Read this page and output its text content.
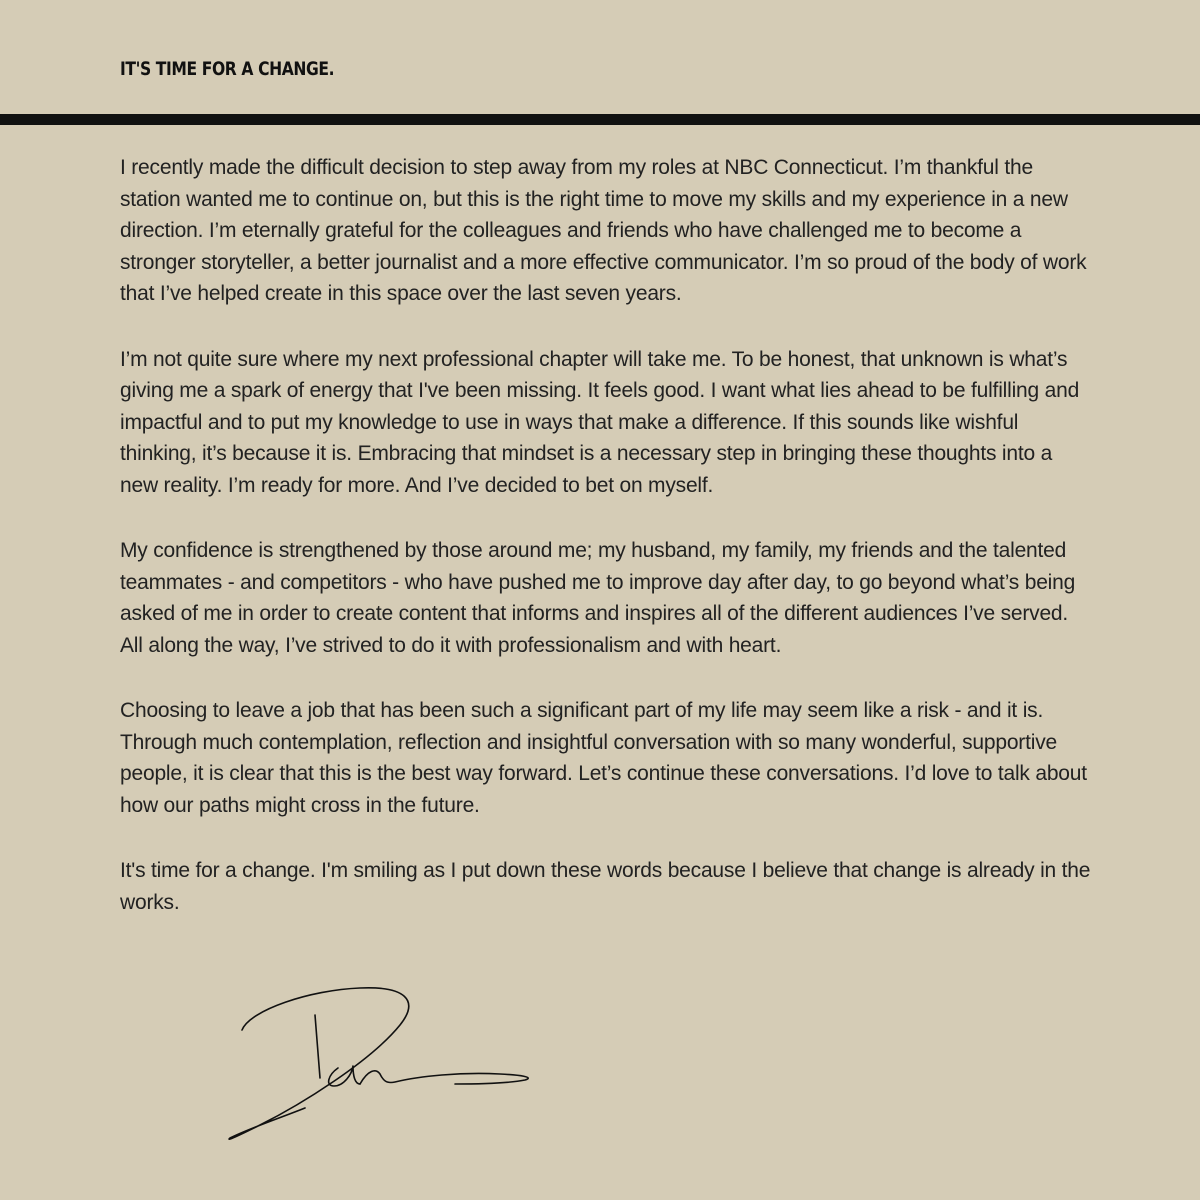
IT'S TIME FOR A CHANGE.

I recently made the difficult decision to step away from my roles at NBC Connecticut. I’m thankful the station wanted me to continue on, but this is the right time to move my skills and my experience in a new direction. I’m eternally grateful for the colleagues and friends who have challenged me to become a stronger storyteller, a better journalist and a more effective communicator. I’m so proud of the body of work that I’ve helped create in this space over the last seven years.

I’m not quite sure where my next professional chapter will take me. To be honest, that unknown is what’s giving me a spark of energy that I've been missing. It feels good. I want what lies ahead to be fulfilling and impactful and to put my knowledge to use in ways that make a difference. If this sounds like wishful thinking, it’s because it is. Embracing that mindset is a necessary step in bringing these thoughts into a new reality. I’m ready for more. And I’ve decided to bet on myself.

My confidence is strengthened by those around me; my husband, my family, my friends and the talented teammates - and competitors - who have pushed me to improve day after day, to go beyond what’s being asked of me in order to create content that informs and inspires all of the different audiences I’ve served. All along the way, I’ve strived to do it with professionalism and with heart.

Choosing to leave a job that has been such a significant part of my life may seem like a risk - and it is. Through much contemplation, reflection and insightful conversation with so many wonderful, supportive people, it is clear that this is the best way forward. Let’s continue these conversations. I’d love to talk about how our paths might cross in the future.

It's time for a change. I'm smiling as I put down these words because I believe that change is already in the works.
